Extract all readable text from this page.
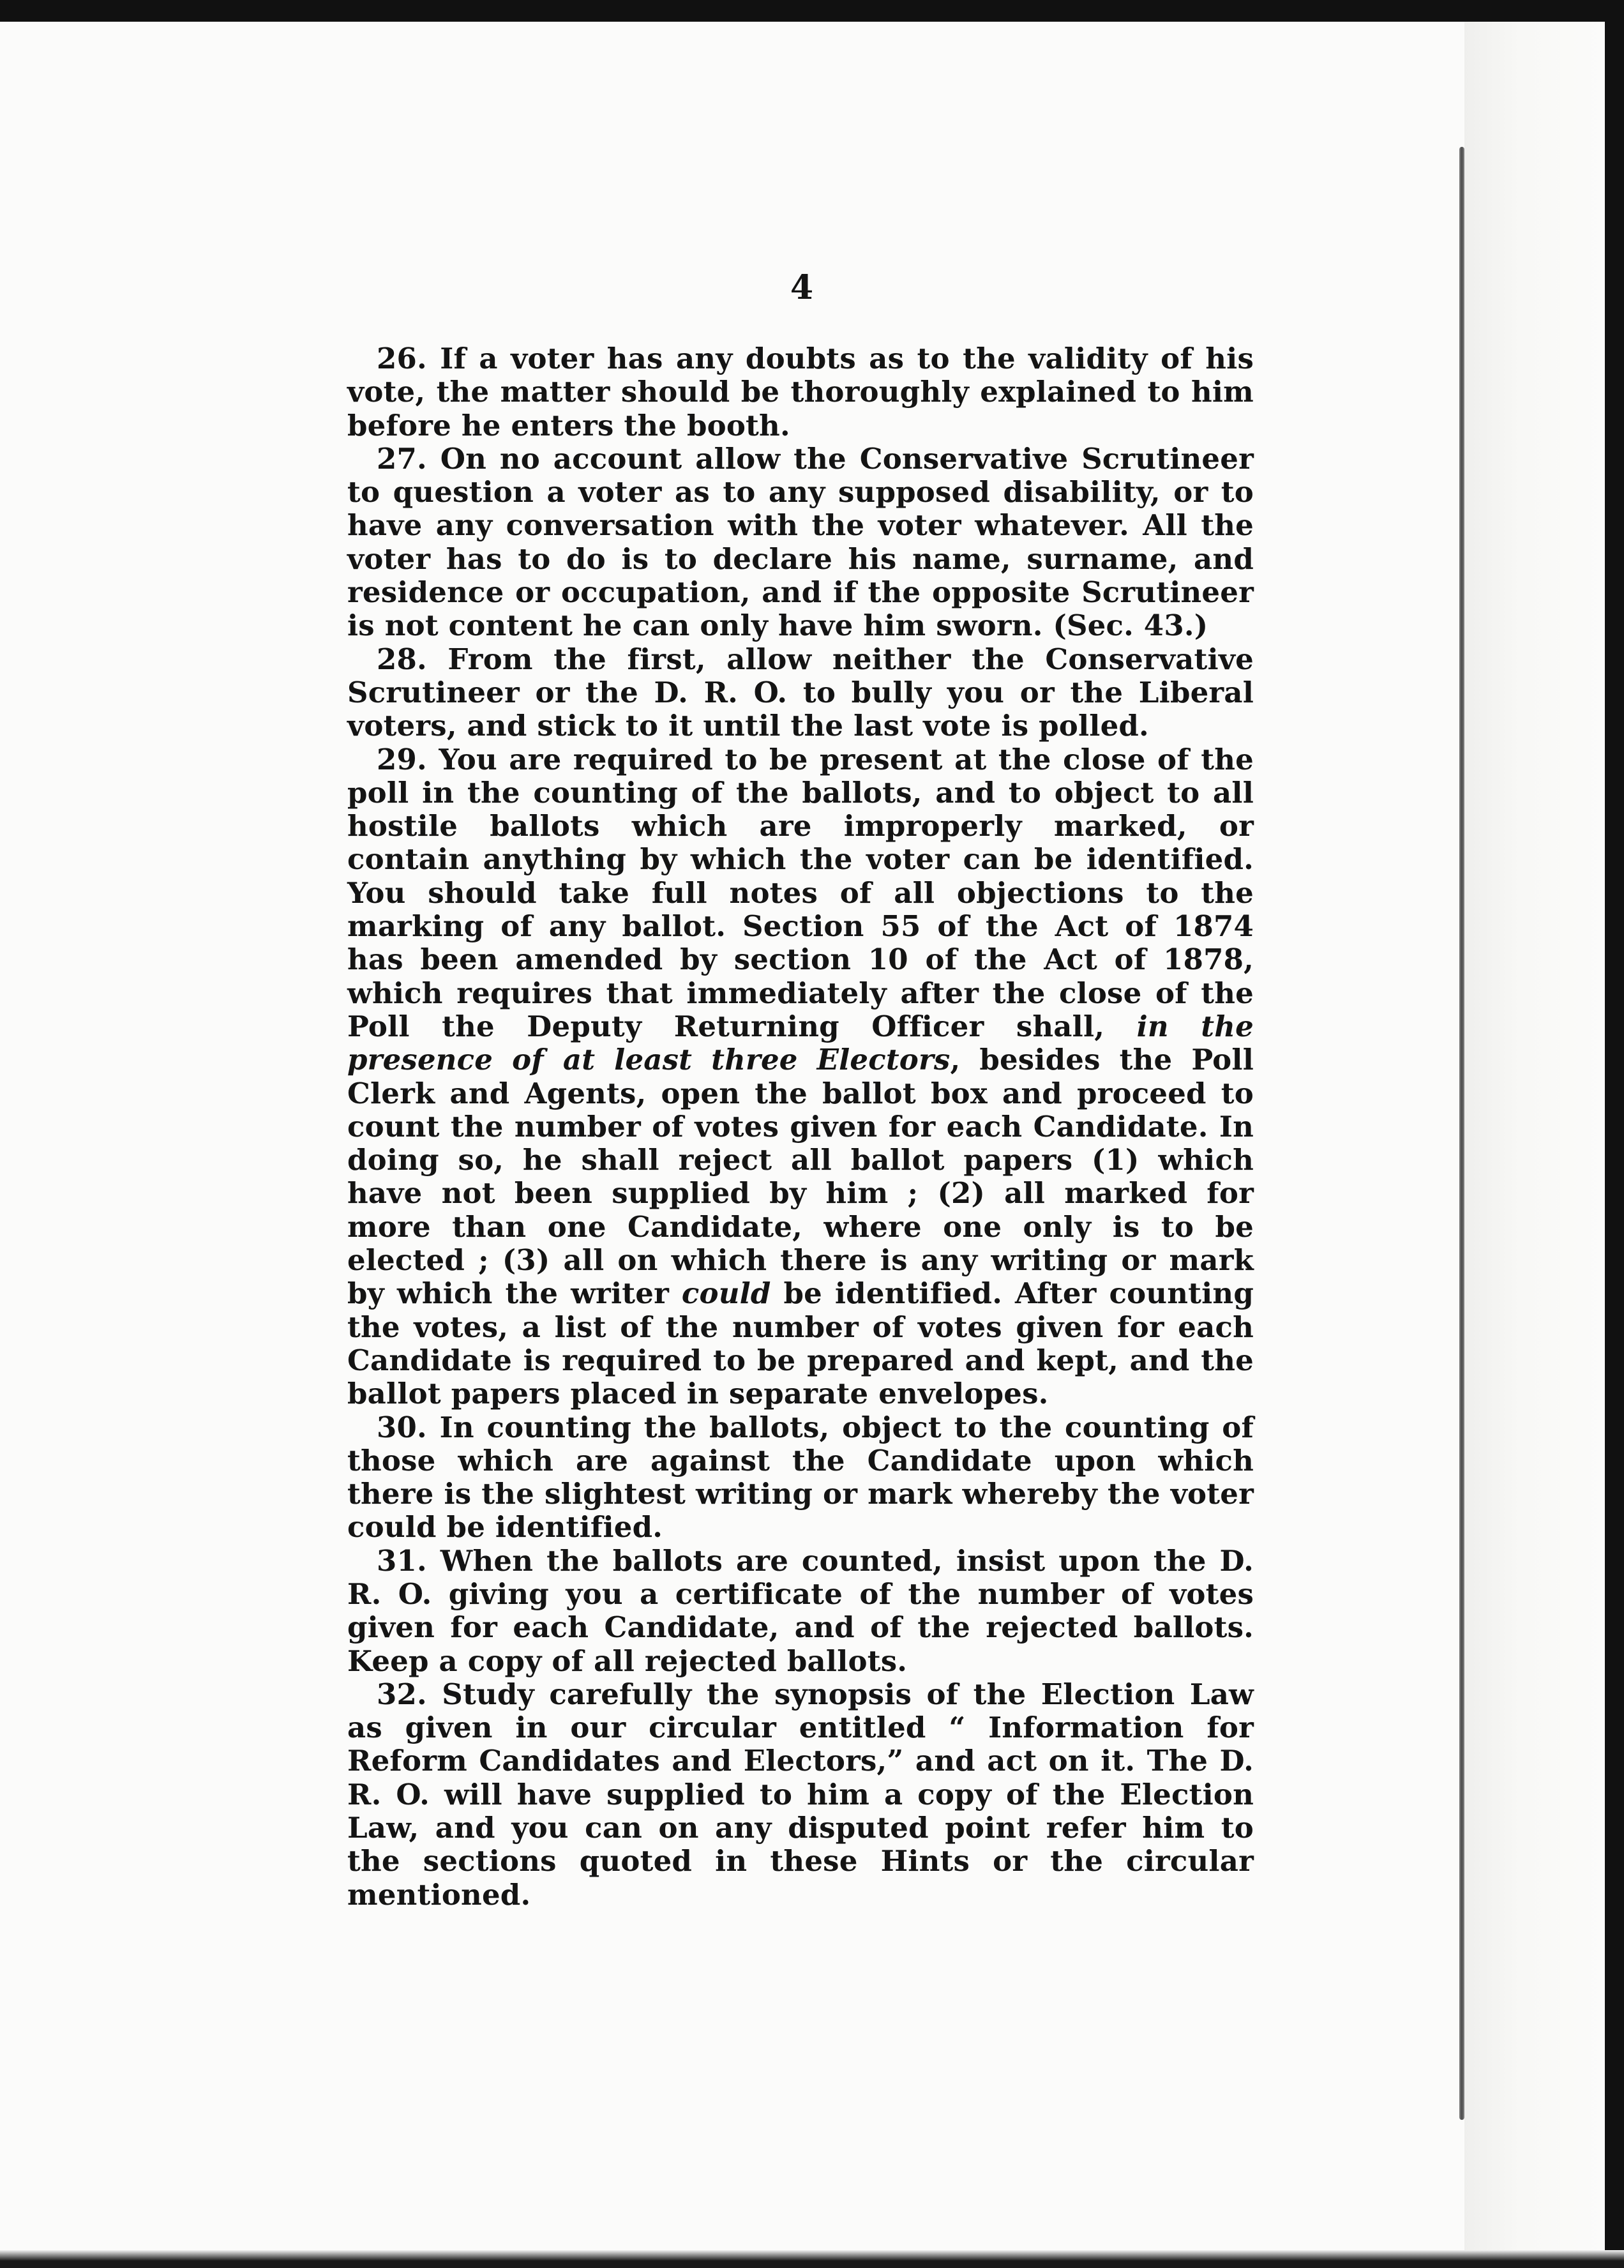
4

26. If a voter has any doubts as to the validity of his vote, the matter should be thoroughly explained to him before he enters the booth.

27. On no account allow the Conservative Scrutineer to question a voter as to any supposed disability, or to have any conversation with the voter whatever. All the voter has to do is to declare his name, surname, and residence or occupation, and if the opposite Scrutineer is not content he can only have him sworn. (Sec. 43.)

28. From the first, allow neither the Conservative Scrutineer or the D. R. O. to bully you or the Liberal voters, and stick to it until the last vote is polled.

29. You are required to be present at the close of the poll in the counting of the ballots, and to object to all hostile ballots which are improperly marked, or contain anything by which the voter can be identified. You should take full notes of all objections to the marking of any ballot. Section 55 of the Act of 1874 has been amended by section 10 of the Act of 1878, which requires that immediately after the close of the Poll the Deputy Returning Officer shall, in the presence of at least three Electors, besides the Poll Clerk and Agents, open the ballot box and proceed to count the number of votes given for each Candidate. In doing so, he shall reject all ballot papers (1) which have not been supplied by him ; (2) all marked for more than one Candidate, where one only is to be elected ; (3) all on which there is any writing or mark by which the writer could be identified. After counting the votes, a list of the number of votes given for each Candidate is required to be prepared and kept, and the ballot papers placed in separate envelopes.

30. In counting the ballots, object to the counting of those which are against the Candidate upon which there is the slightest writing or mark whereby the voter could be identified.

31. When the ballots are counted, insist upon the D. R. O. giving you a certificate of the number of votes given for each Candidate, and of the rejected ballots. Keep a copy of all rejected ballots.

32. Study carefully the synopsis of the Election Law as given in our circular entitled “ Information for Reform Candidates and Electors,” and act on it. The D. R. O. will have supplied to him a copy of the Election Law, and you can on any disputed point refer him to the sections quoted in these Hints or the circular mentioned.
